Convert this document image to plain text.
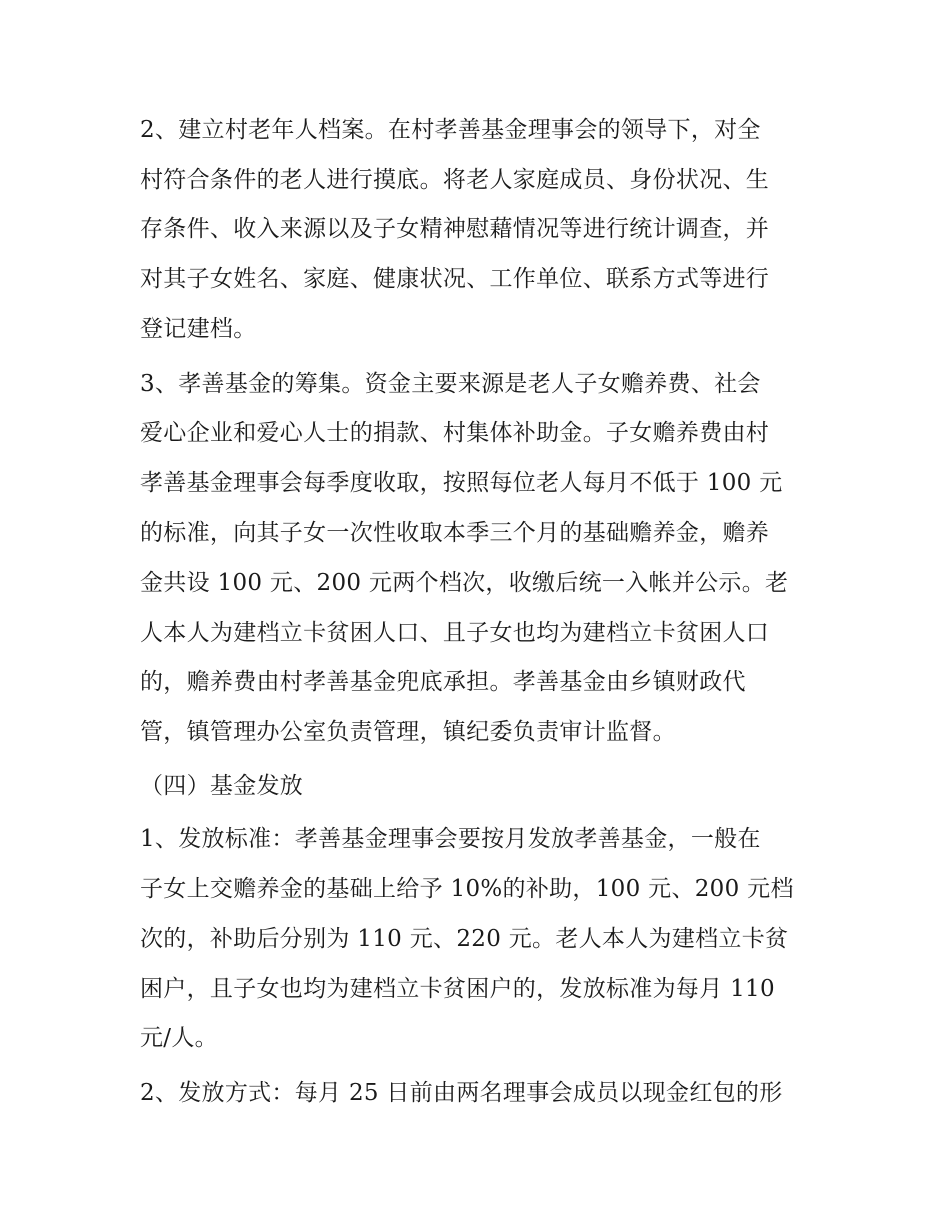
2、建立村老年人档案。在村孝善基金理事会的领导下，对全
村符合条件的老人进行摸底。将老人家庭成员、身份状况、生
存条件、收入来源以及子女精神慰藉情况等进行统计调查，并
对其子女姓名、家庭、健康状况、工作单位、联系方式等进行
登记建档。
3、孝善基金的筹集。资金主要来源是老人子女赡养费、社会
爱心企业和爱心人士的捐款、村集体补助金。子女赡养费由村
孝善基金理事会每季度收取，按照每位老人每月不低于 100 元
的标准，向其子女一次性收取本季三个月的基础赡养金，赡养
金共设 100 元、200 元两个档次，收缴后统一入帐并公示。老
人本人为建档立卡贫困人口、且子女也均为建档立卡贫困人口
的，赡养费由村孝善基金兜底承担。孝善基金由乡镇财政代
管，镇管理办公室负责管理，镇纪委负责审计监督。
（四）基金发放
1、发放标准：孝善基金理事会要按月发放孝善基金，一般在
子女上交赡养金的基础上给予 10%的补助，100 元、200 元档
次的，补助后分别为 110 元、220 元。老人本人为建档立卡贫
困户，且子女也均为建档立卡贫困户的，发放标准为每月 110
元/人。
2、发放方式：每月 25 日前由两名理事会成员以现金红包的形
